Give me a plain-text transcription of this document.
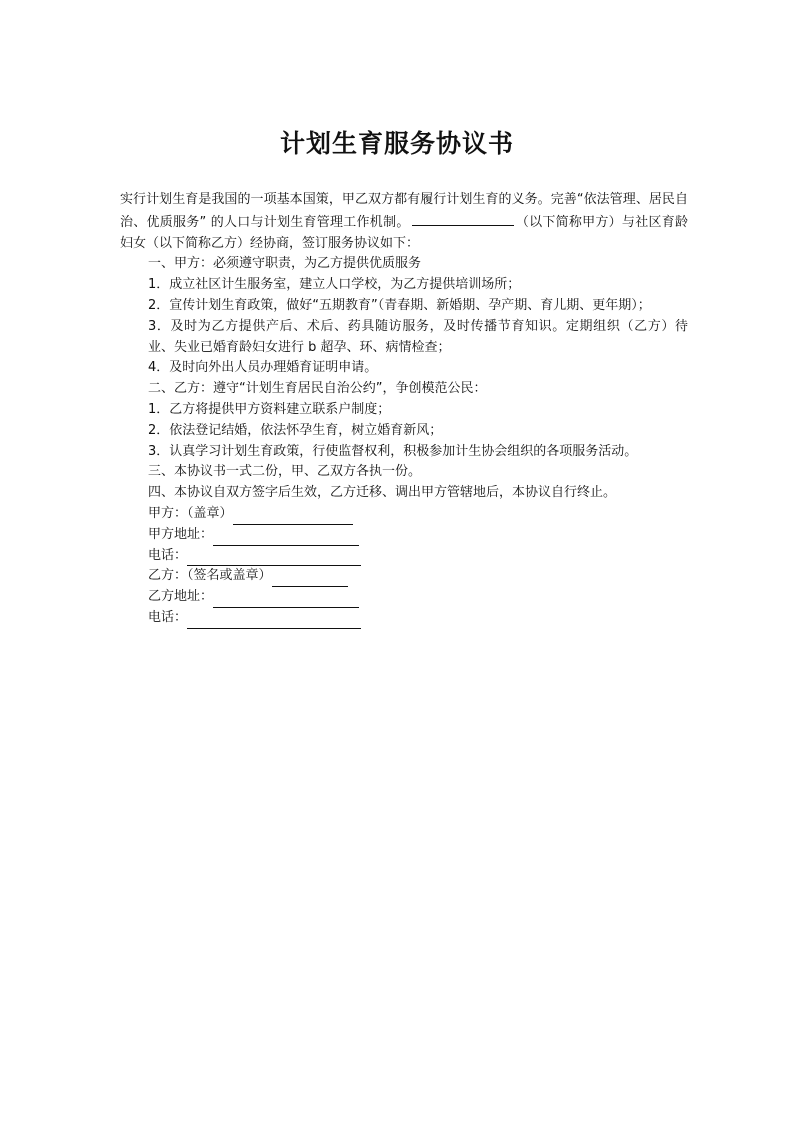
计划生育服务协议书

实行计划生育是我国的一项基本国策，甲乙双方都有履行计划生育的义务。完善“依法管理、居民自治、优质服务” 的人口与计划生育管理工作机制。	（以下简称甲方）与社区育龄妇女（以下简称乙方）经协商，签订服务协议如下：

一、甲方：必须遵守职责，为乙方提供优质服务

1．成立社区计生服务室，建立人口学校，为乙方提供培训场所；

2．宣传计划生育政策，做好“五期教育”（青春期、新婚期、孕产期、育儿期、更年期）；

3．及时为乙方提供产后、术后、药具随访服务，及时传播节育知识。定期组织（乙方）待业、失业已婚育龄妇女进行 b 超孕、环、病情检查；

4．及时向外出人员办理婚育证明申请。

二、乙方：遵守“计划生育居民自治公约”，争创模范公民：

1．乙方将提供甲方资料建立联系户制度；

2．依法登记结婚，依法怀孕生育，树立婚育新风；

3．认真学习计划生育政策，行使监督权利，积极参加计生协会组织的各项服务活动。

三、本协议书一式二份，甲、乙双方各执一份。

四、本协议自双方签字后生效，乙方迁移、调出甲方管辖地后，本协议自行终止。

甲方：（盖章）

甲方地址：

电话：

乙方：（签名或盖章）

乙方地址：

电话：
